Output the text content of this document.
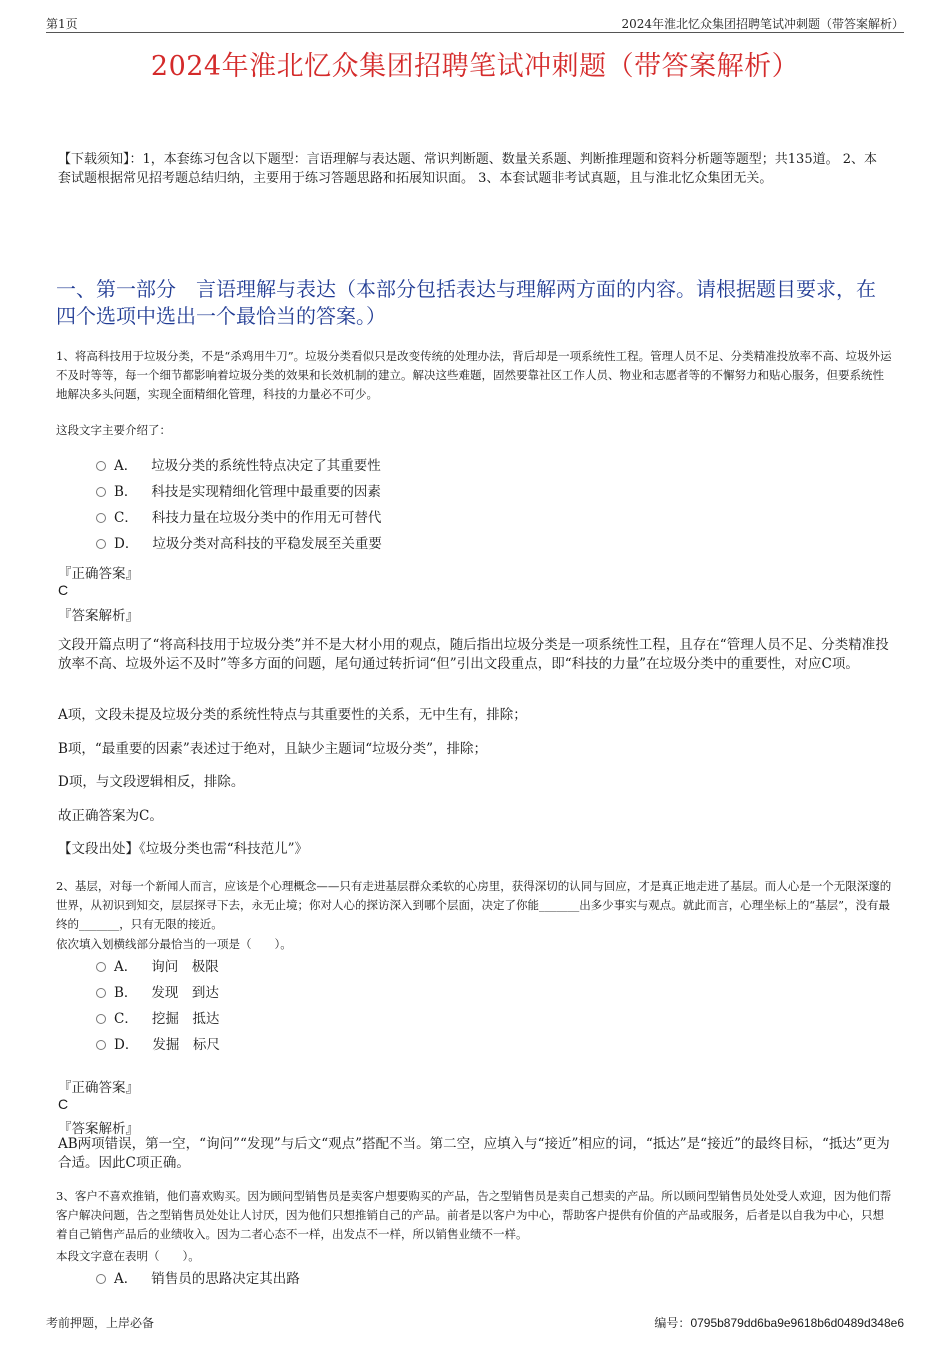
第1页	2024年淮北忆众集团招聘笔试冲刺题（带答案解析）
2024年淮北忆众集团招聘笔试冲刺题（带答案解析）
【下载须知】：1，本套练习包含以下题型：言语理解与表达题、常识判断题、数量关系题、判断推理题和资料分析题等题型；共135道。 2、本套试题根据常见招考题总结归纳，主要用于练习答题思路和拓展知识面。 3、本套试题非考试真题，且与淮北忆众集团无关。
一、第一部分　言语理解与表达（本部分包括表达与理解两方面的内容。请根据题目要求，在四个选项中选出一个最恰当的答案。）
1、将高科技用于垃圾分类，不是“杀鸡用牛刀”。垃圾分类看似只是改变传统的处理办法，背后却是一项系统性工程。管理人员不足、分类精准投放率不高、垃圾外运不及时等等，每一个细节都影响着垃圾分类的效果和长效机制的建立。解决这些难题，固然要靠社区工作人员、物业和志愿者等的不懈努力和贴心服务，但要系统性地解决多头问题，实现全面精细化管理，科技的力量必不可少。
这段文字主要介绍了：
A． 垃圾分类的系统性特点决定了其重要性
B． 科技是实现精细化管理中最重要的因素
C． 科技力量在垃圾分类中的作用无可替代
D． 垃圾分类对高科技的平稳发展至关重要
『正确答案』
C
『答案解析』
文段开篇点明了“将高科技用于垃圾分类”并不是大材小用的观点，随后指出垃圾分类是一项系统性工程，且存在“管理人员不足、分类精准投放率不高、垃圾外运不及时”等多方面的问题，尾句通过转折词“但”引出文段重点，即“科技的力量”在垃圾分类中的重要性，对应C项。
A项，文段未提及垃圾分类的系统性特点与其重要性的关系，无中生有，排除；
B项，“最重要的因素”表述过于绝对，且缺少主题词“垃圾分类”，排除；
D项，与文段逻辑相反，排除。
故正确答案为C。
【文段出处】《垃圾分类也需“科技范儿”》
2、基层，对每一个新闻人而言，应该是个心理概念——只有走进基层群众柔软的心房里，获得深切的认同与回应，才是真正地走进了基层。而人心是一个无限深邃的世界，从初识到知交，层层探寻下去，永无止境；你对人心的探访深入到哪个层面，决定了你能_______出多少事实与观点。就此而言，心理坐标上的“基层”，没有最终的_______，只有无限的接近。
依次填入划横线部分最恰当的一项是（　　）。
A． 询问　极限
B． 发现　到达
C． 挖掘　抵达
D． 发掘　标尺
『正确答案』
C
『答案解析』
AB两项错误，第一空，“询问”“发现”与后文“观点”搭配不当。第二空，应填入与“接近”相应的词，“抵达”是“接近”的最终目标，“抵达”更为合适。因此C项正确。
3、客户不喜欢推销，他们喜欢购买。因为顾问型销售员是卖客户想要购买的产品，告之型销售员是卖自己想卖的产品。所以顾问型销售员处处受人欢迎，因为他们帮客户解决问题，告之型销售员处处让人讨厌，因为他们只想推销自己的产品。前者是以客户为中心，帮助客户提供有价值的产品或服务，后者是以自我为中心，只想着自己销售产品后的业绩收入。因为二者心态不一样，出发点不一样，所以销售业绩不一样。
本段文字意在表明（　　）。
A． 销售员的思路决定其出路
考前押题，上岸必备	编号：0795b879dd6ba9e9618b6d0489d348e6
